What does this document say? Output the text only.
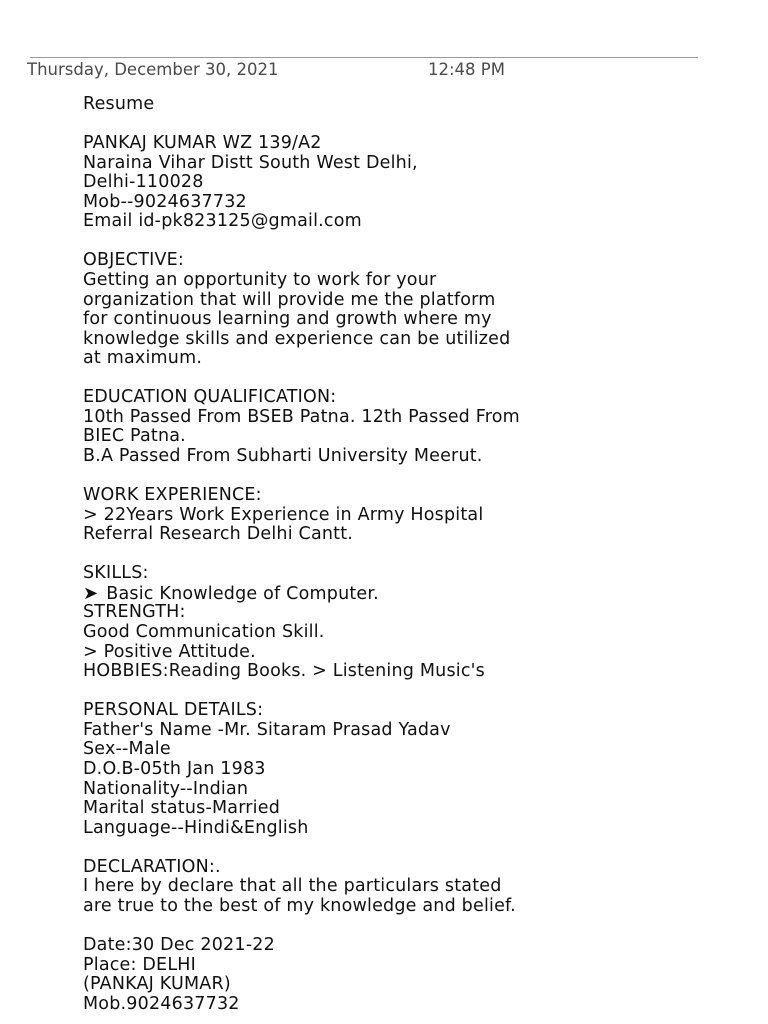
Thursday, December 30, 2021	12:48 PM
Resume
PANKAJ KUMAR WZ 139/A2
Naraina Vihar Distt South West Delhi,
Delhi-110028
Mob--9024637732
Email id-pk823125@gmail.com
OBJECTIVE:
Getting an opportunity to work for your
organization that will provide me the platform
for continuous learning and growth where my
knowledge skills and experience can be utilized
at maximum.
EDUCATION QUALIFICATION:
10th Passed From BSEB Patna. 12th Passed From
BIEC Patna.
B.A Passed From Subharti University Meerut.
WORK EXPERIENCE:
> 22Years Work Experience in Army Hospital
Referral Research Delhi Cantt.
SKILLS:
➤ Basic Knowledge of Computer.
STRENGTH:
Good Communication Skill.
> Positive Attitude.
HOBBIES:Reading Books. > Listening Music's
PERSONAL DETAILS:
Father's Name -Mr. Sitaram Prasad Yadav
Sex--Male
D.O.B-05th Jan 1983
Nationality--Indian
Marital status-Married
Language--Hindi&English
DECLARATION:.
I here by declare that all the particulars stated
are true to the best of my knowledge and belief.
Date:30 Dec 2021-22
Place: DELHI
(PANKAJ KUMAR)
Mob.9024637732
